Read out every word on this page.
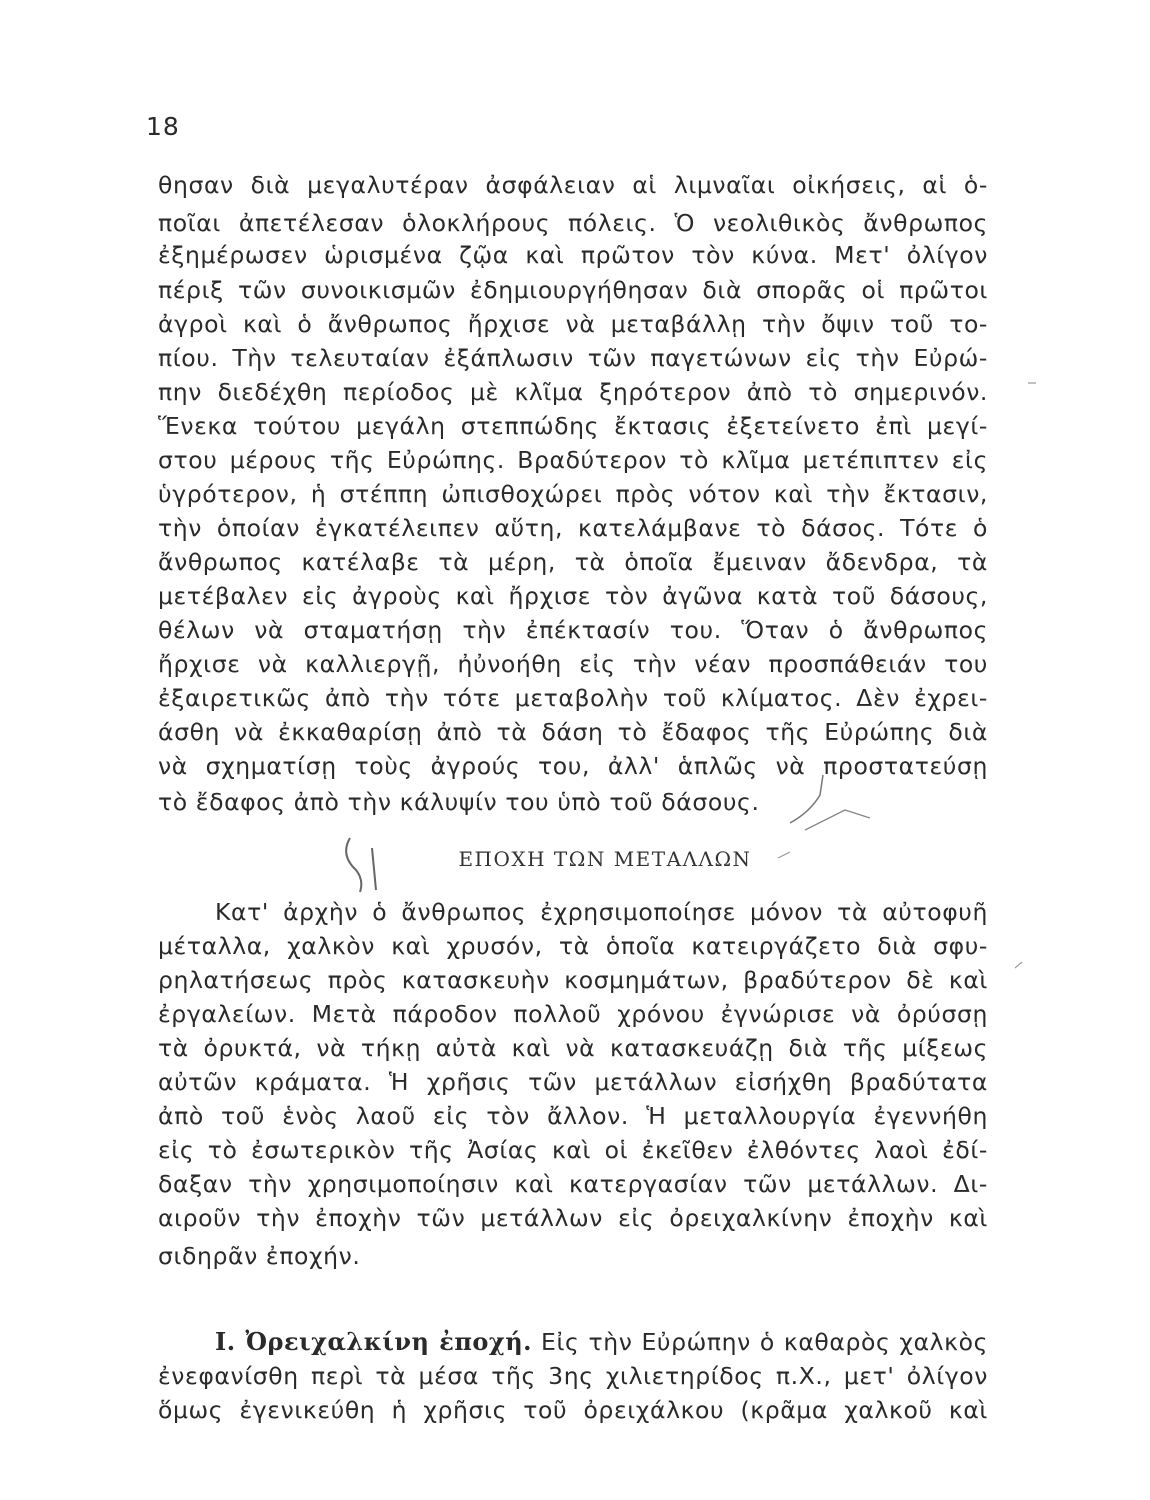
18
θησαν διὰ μεγαλυτέραν ἀσφάλειαν αἱ λιμναῖαι οἰκήσεις, αἱ ὁ-
ποῖαι ἀπετέλεσαν ὁλοκλήρους πόλεις. Ὁ νεολιθικὸς ἄνθρωπος
ἐξημέρωσεν ὡρισμένα ζῷα καὶ πρῶτον τὸν κύνα. Μετ' ὀλίγον
πέριξ τῶν συνοικισμῶν ἐδημιουργήθησαν διὰ σπορᾶς οἱ πρῶτοι
ἀγροὶ καὶ ὁ ἄνθρωπος ἤρχισε νὰ μεταβάλλῃ τὴν ὄψιν τοῦ το-
πίου. Τὴν τελευταίαν ἐξάπλωσιν τῶν παγετώνων εἰς τὴν Εὐρώ-
πην διεδέχθη περίοδος μὲ κλῖμα ξηρότερον ἀπὸ τὸ σημερινόν.
Ἕνεκα τούτου μεγάλη στεππώδης ἔκτασις ἐξετείνετο ἐπὶ μεγί-
στου μέρους τῆς Εὐρώπης. Βραδύτερον τὸ κλῖμα μετέπιπτεν εἰς
ὑγρότερον, ἡ στέππη ὠπισθοχώρει πρὸς νότον καὶ τὴν ἔκτασιν,
τὴν ὁποίαν ἐγκατέλειπεν αὕτη, κατελάμβανε τὸ δάσος. Τότε ὁ
ἄνθρωπος κατέλαβε τὰ μέρη, τὰ ὁποῖα ἔμειναν ἄδενδρα, τὰ
μετέβαλεν εἰς ἀγροὺς καὶ ἤρχισε τὸν ἀγῶνα κατὰ τοῦ δάσους,
θέλων νὰ σταματήσῃ τὴν ἐπέκτασίν του. Ὅταν ὁ ἄνθρωπος
ἤρχισε νὰ καλλιεργῇ, ἠὐνοήθη εἰς τὴν νέαν προσπάθειάν του
ἐξαιρετικῶς ἀπὸ τὴν τότε μεταβολὴν τοῦ κλίματος. Δὲν ἐχρει-
άσθη νὰ ἐκκαθαρίσῃ ἀπὸ τὰ δάση τὸ ἔδαφος τῆς Εὐρώπης διὰ
νὰ σχηματίσῃ τοὺς ἀγρούς του, ἀλλ' ἁπλῶς νὰ προστατεύσῃ
τὸ ἔδαφος ἀπὸ τὴν κάλυψίν του ὑπὸ τοῦ δάσους.
ΕΠΟΧΗ ΤΩΝ ΜΕΤΑΛΛΩΝ
Κατ' ἀρχὴν ὁ ἄνθρωπος ἐχρησιμοποίησε μόνον τὰ αὐτοφυῆ
μέταλλα, χαλκὸν καὶ χρυσόν, τὰ ὁποῖα κατειργάζετο διὰ σφυ-
ρηλατήσεως πρὸς κατασκευὴν κοσμημάτων, βραδύτερον δὲ καὶ
ἐργαλείων. Μετὰ πάροδον πολλοῦ χρόνου ἐγνώρισε νὰ ὀρύσσῃ
τὰ ὀρυκτά, νὰ τήκῃ αὐτὰ καὶ νὰ κατασκευάζῃ διὰ τῆς μίξεως
αὐτῶν κράματα. Ἡ χρῆσις τῶν μετάλλων εἰσήχθη βραδύτατα
ἀπὸ τοῦ ἑνὸς λαοῦ εἰς τὸν ἄλλον. Ἡ μεταλλουργία ἐγεννήθη
εἰς τὸ ἐσωτερικὸν τῆς Ἀσίας καὶ οἱ ἐκεῖθεν ἐλθόντες λαοὶ ἐδί-
δαξαν τὴν χρησιμοποίησιν καὶ κατεργασίαν τῶν μετάλλων. Δι-
αιροῦν τὴν ἐποχὴν τῶν μετάλλων εἰς ὀρειχαλκίνην ἐποχὴν καὶ
σιδηρᾶν ἐποχήν.
Ι. Ὀρειχαλκίνη ἐποχή. Εἰς τὴν Εὐρώπην ὁ καθαρὸς χαλκὸς
ἐνεφανίσθη περὶ τὰ μέσα τῆς 3ης χιλιετηρίδος π.Χ., μετ' ὀλίγον
ὅμως ἐγενικεύθη ἡ χρῆσις τοῦ ὀρειχάλκου (κρᾶμα χαλκοῦ καὶ
